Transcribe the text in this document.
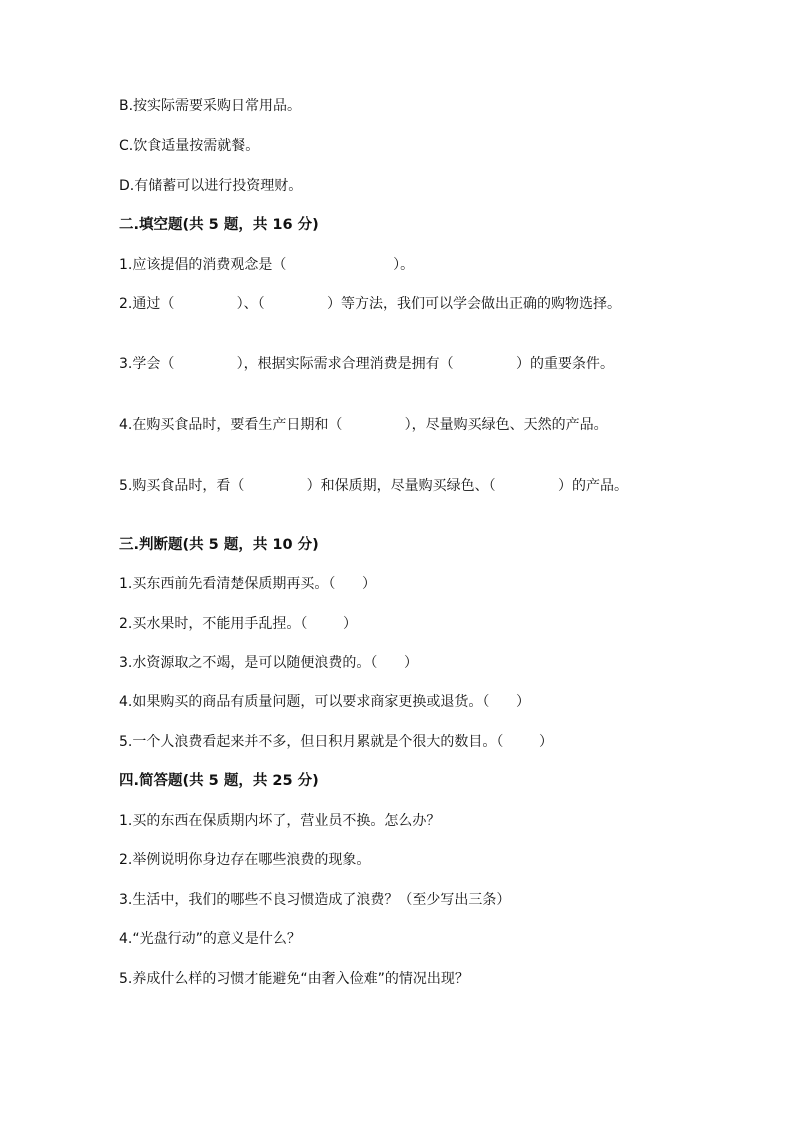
B.按实际需要采购日常用品。

C.饮食适量按需就餐。

D.有储蓄可以进行投资理财。

二.填空题(共 5 题，共 16 分)

1.应该提倡的消费观念是（                        ）。

2.通过（              ）、（              ）等方法，我们可以学会做出正确的购物选择。

3.学会（              ），根据实际需求合理消费是拥有（              ）的重要条件。

4.在购买食品时，要看生产日期和（              ），尽量购买绿色、天然的产品。

5.购买食品时，看（              ）和保质期，尽量购买绿色、（              ）的产品。

三.判断题(共 5 题，共 10 分)

1.买东西前先看清楚保质期再买。（      ）

2.买水果时，不能用手乱捏。（        ）

3.水资源取之不竭，是可以随便浪费的。（      ）

4.如果购买的商品有质量问题，可以要求商家更换或退货。（      ）

5.一个人浪费看起来并不多，但日积月累就是个很大的数目。（        ）

四.简答题(共 5 题，共 25 分)

1.买的东西在保质期内坏了，营业员不换。怎么办？

2.举例说明你身边存在哪些浪费的现象。

3.生活中，我们的哪些不良习惯造成了浪费？（至少写出三条）

4.“光盘行动”的意义是什么？

5.养成什么样的习惯才能避免“由奢入俭难”的情况出现？
